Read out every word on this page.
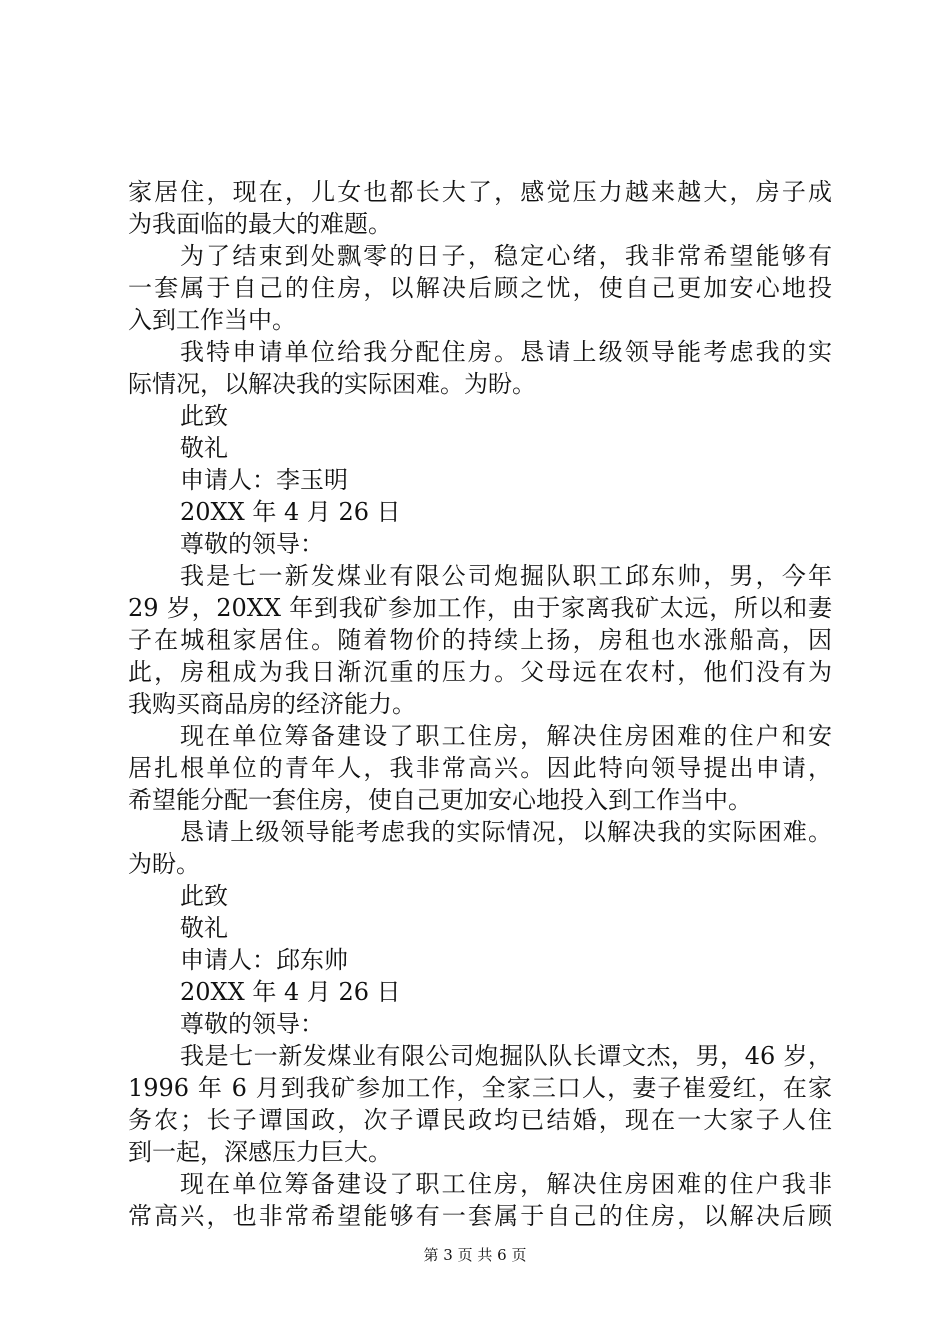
家居住，现在，儿女也都长大了，感觉压力越来越大，房子成
为我面临的最大的难题。
为了结束到处飘零的日子，稳定心绪，我非常希望能够有
一套属于自己的住房，以解决后顾之忧，使自己更加安心地投
入到工作当中。
我特申请单位给我分配住房。恳请上级领导能考虑我的实
际情况，以解决我的实际困难。为盼。
此致
敬礼
申请人：李玉明
20XX 年 4 月 26 日
尊敬的领导：
我是七一新发煤业有限公司炮掘队职工邱东帅，男，今年
29 岁，20XX 年到我矿参加工作，由于家离我矿太远，所以和妻
子在城租家居住。随着物价的持续上扬，房租也水涨船高，因
此，房租成为我日渐沉重的压力。父母远在农村，他们没有为
我购买商品房的经济能力。
现在单位筹备建设了职工住房，解决住房困难的住户和安
居扎根单位的青年人，我非常高兴。因此特向领导提出申请，
希望能分配一套住房，使自己更加安心地投入到工作当中。
恳请上级领导能考虑我的实际情况，以解决我的实际困难。
为盼。
此致
敬礼
申请人：邱东帅
20XX 年 4 月 26 日
尊敬的领导：
我是七一新发煤业有限公司炮掘队队长谭文杰，男，46 岁，
1996 年 6 月到我矿参加工作，全家三口人，妻子崔爱红，在家
务农；长子谭国政，次子谭民政均已结婚，现在一大家子人住
到一起，深感压力巨大。
现在单位筹备建设了职工住房，解决住房困难的住户我非
常高兴，也非常希望能够有一套属于自己的住房，以解决后顾
第 3 页 共 6 页
